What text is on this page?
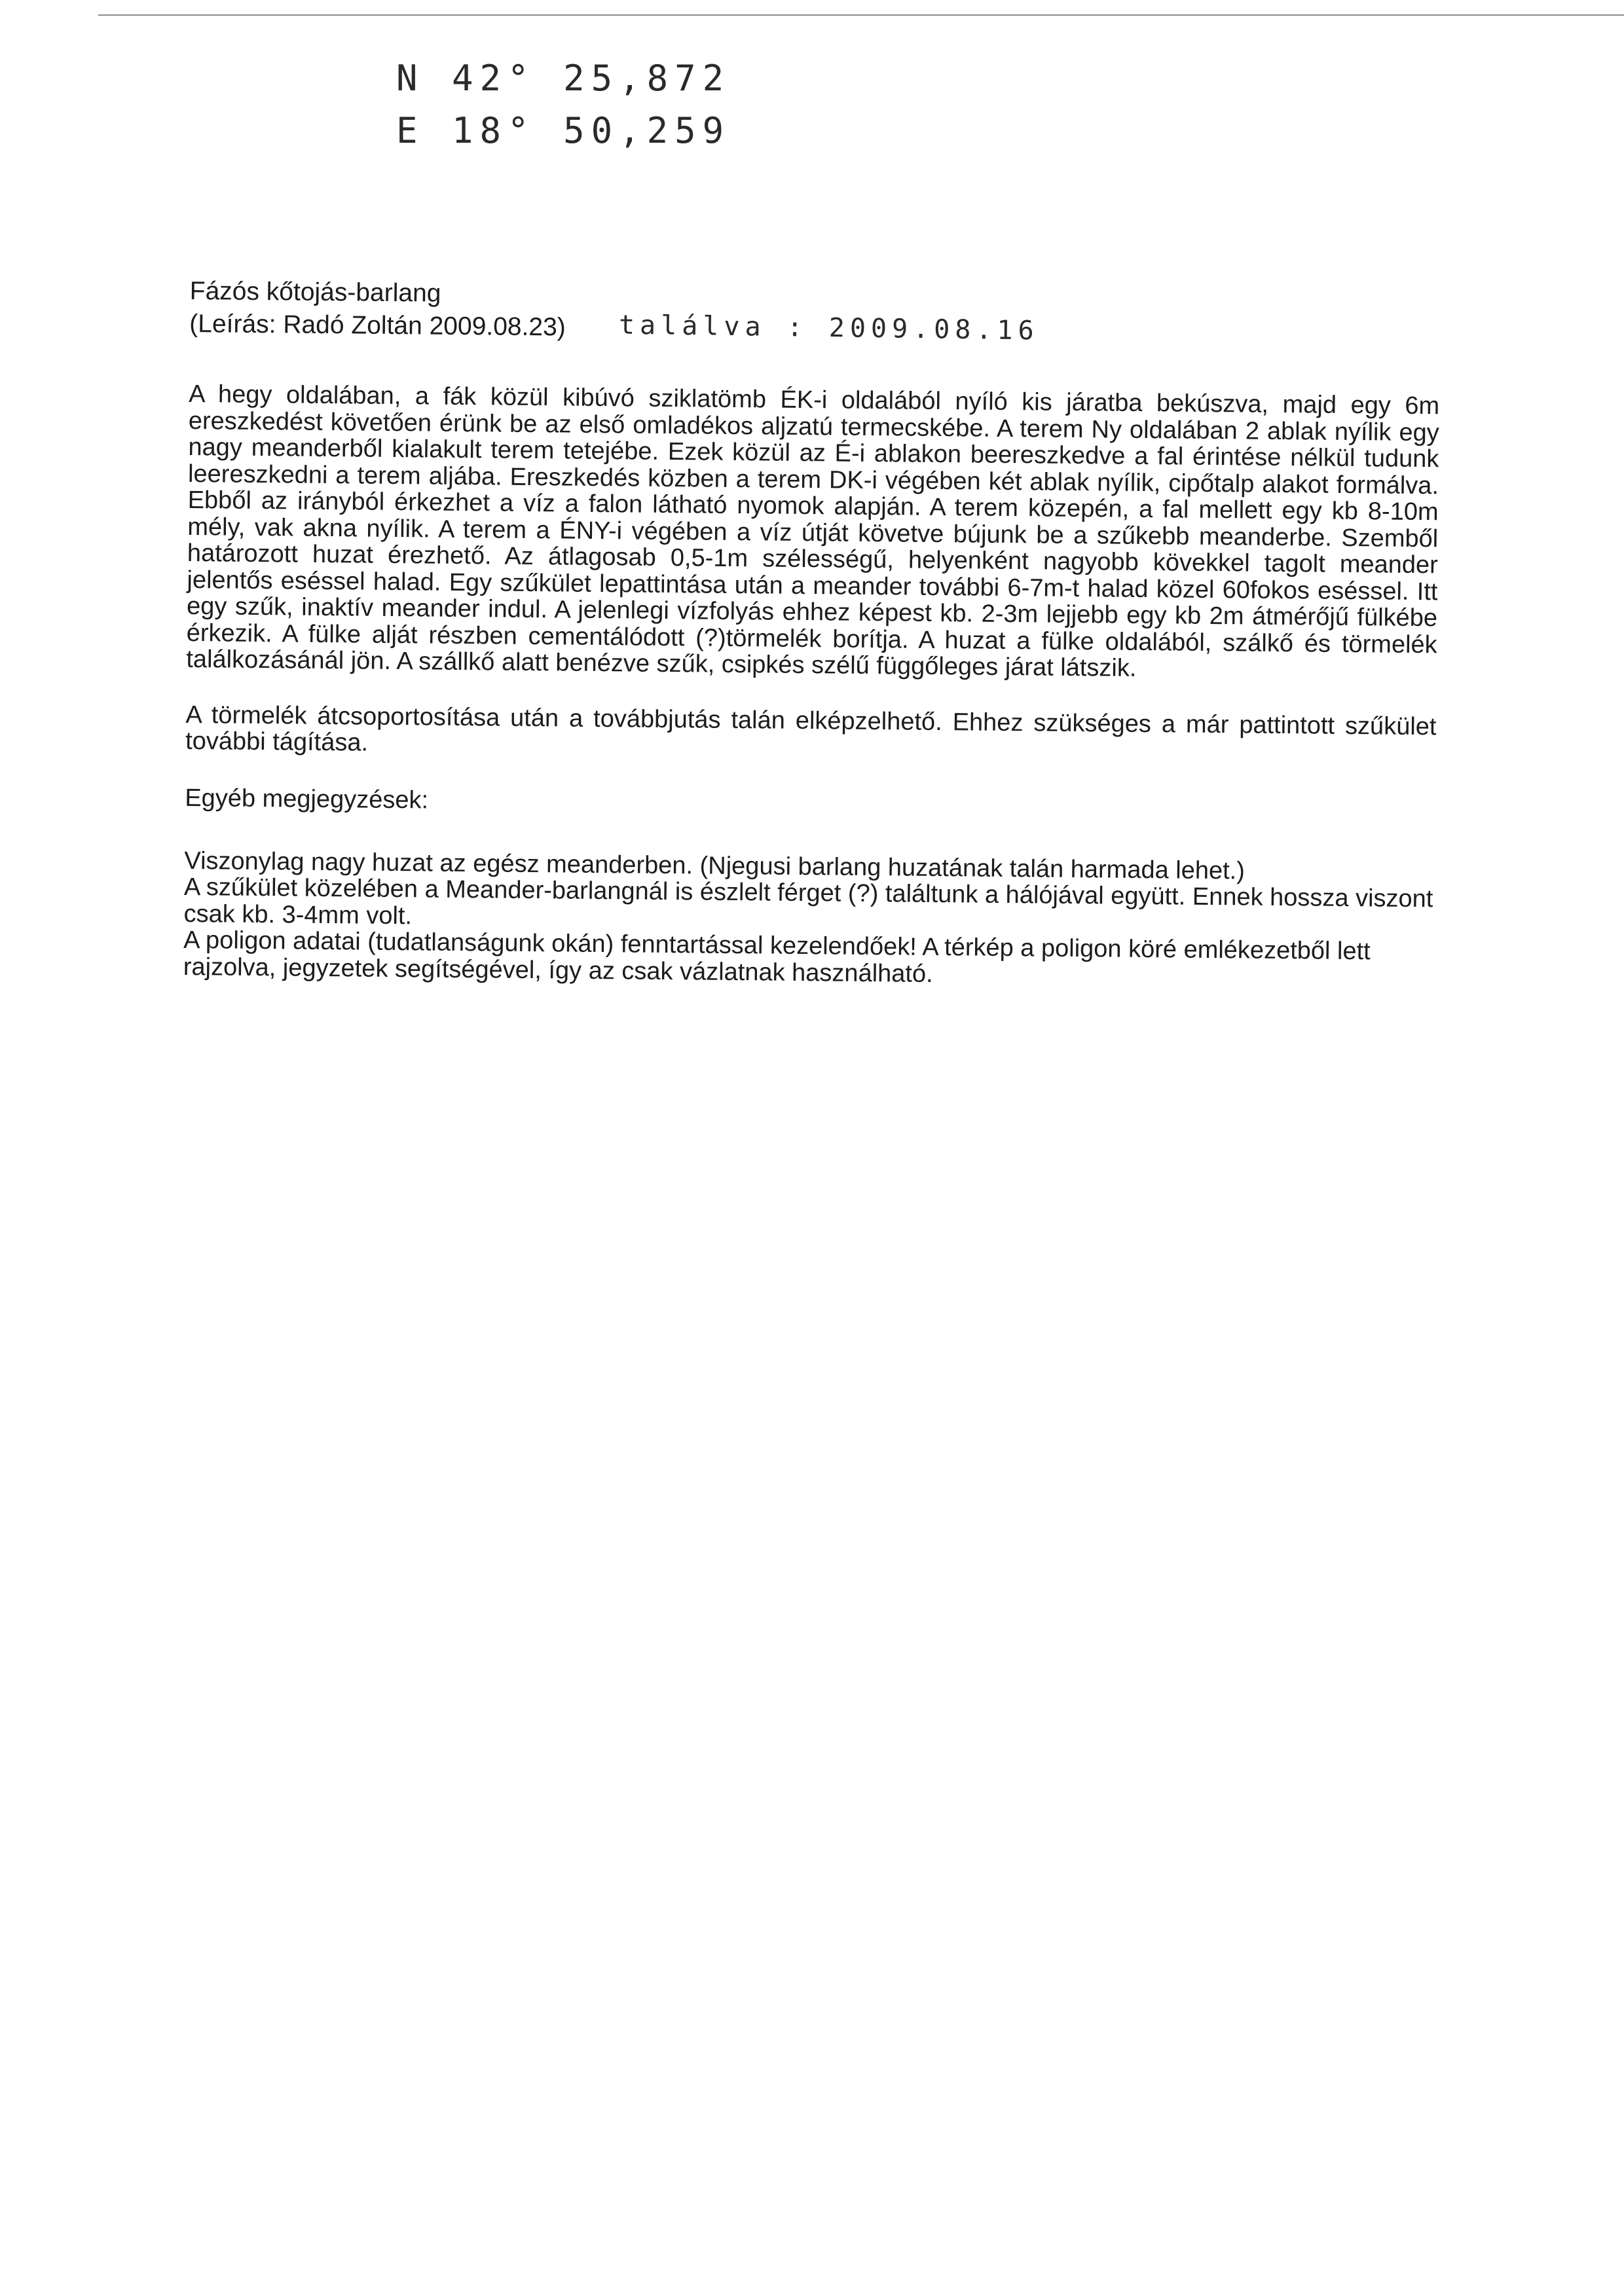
N 42° 25,872
E 18° 50,259
találva : 2009.08.16

Fázós kőtojás-barlang

(Leírás: Radó Zoltán 2009.08.23)

A hegy oldalában, a fák közül kibúvó sziklatömb ÉK-i oldalából nyíló kis járatba bekúszva, majd egy 6m ereszkedést követően érünk be az első omladékos aljzatú termecskébe. A terem Ny oldalában 2 ablak nyílik egy nagy meanderből kialakult terem tetejébe. Ezek közül az É-i ablakon beereszkedve a fal érintése nélkül tudunk leereszkedni a terem aljába. Ereszkedés közben a terem DK-i végében két ablak nyílik, cipőtalp alakot formálva. Ebből az irányból érkezhet a víz a falon látható nyomok alapján. A terem közepén, a fal mellett egy kb 8-10m mély, vak akna nyílik. A terem a ÉNY-i végében a víz útját követve bújunk be a szűkebb meanderbe. Szemből határozott huzat érezhető. Az átlagosab 0,5-1m szélességű, helyenként nagyobb kövekkel tagolt meander jelentős eséssel halad. Egy szűkület lepattintása után a meander további 6-7m-t halad közel 60fokos eséssel. Itt egy szűk, inaktív meander indul. A jelenlegi vízfolyás ehhez képest kb. 2-3m lejjebb egy kb 2m átmérőjű fülkébe érkezik. A fülke alját részben cementálódott (?)törmelék borítja. A huzat a fülke oldalából, szálkő és törmelék találkozásánál jön. A szállkő alatt benézve szűk, csipkés szélű függőleges járat látszik.

A törmelék átcsoportosítása után a továbbjutás talán elképzelhető. Ehhez szükséges a már pattintott szűkület további tágítása.

Egyéb megjegyzések:

Viszonylag nagy huzat az egész meanderben. (Njegusi barlang huzatának talán harmada lehet.)

A szűkület közelében a Meander-barlangnál is észlelt férget (?) találtunk a hálójával együtt. Ennek hossza viszont csak kb. 3-4mm volt.

A poligon adatai (tudatlanságunk okán) fenntartással kezelendőek! A térkép a poligon köré emlékezetből lett rajzolva, jegyzetek segítségével, így az csak vázlatnak használható.
